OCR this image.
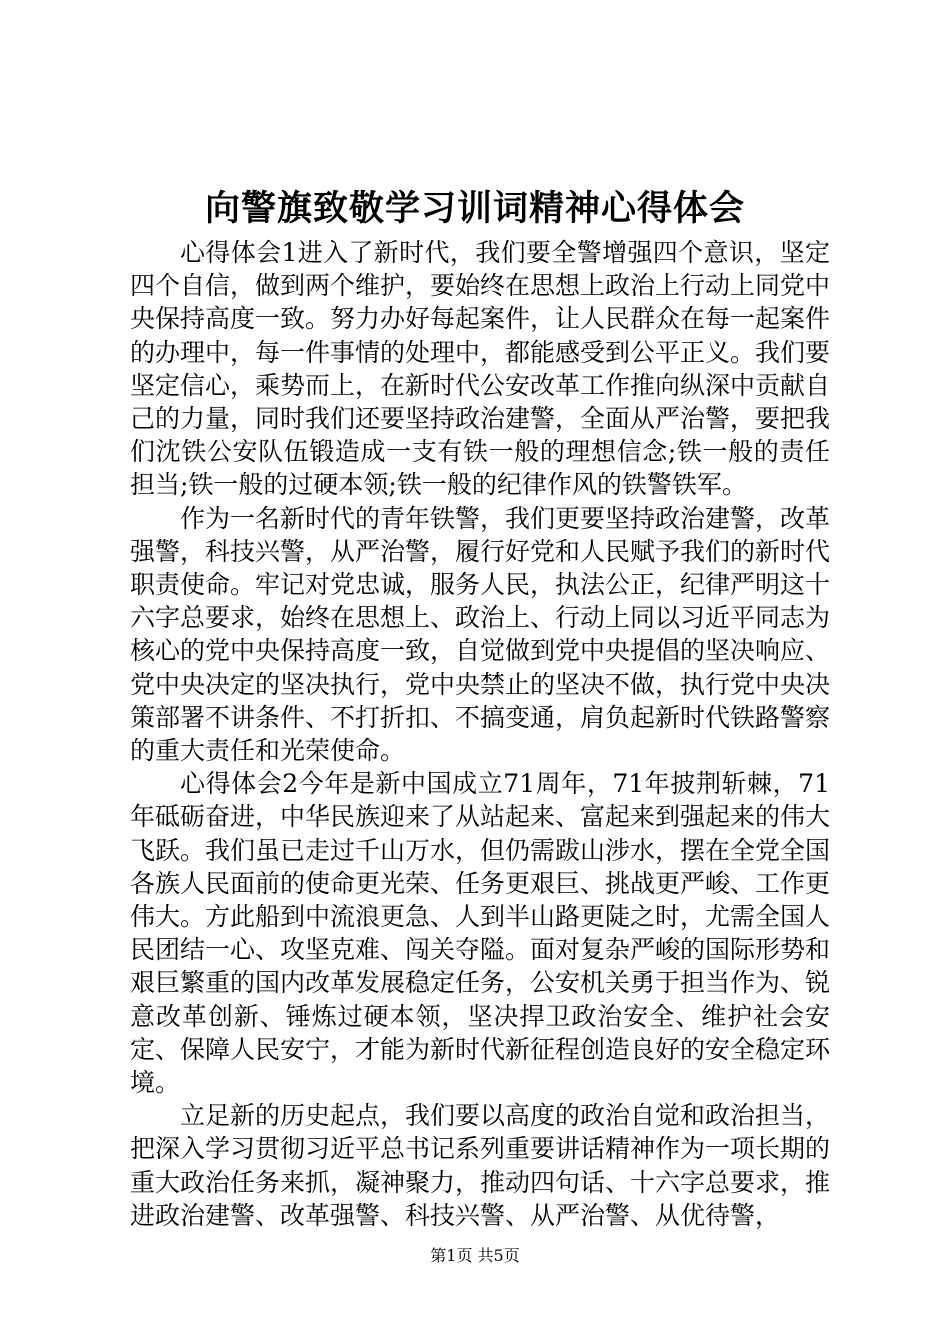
向警旗致敬学习训词精神心得体会

心得体会1进入了新时代，我们要全警增强四个意识，坚定四个自信，做到两个维护，要始终在思想上政治上行动上同党中央保持高度一致。努力办好每起案件，让人民群众在每一起案件的办理中，每一件事情的处理中，都能感受到公平正义。我们要坚定信心，乘势而上，在新时代公安改革工作推向纵深中贡献自己的力量，同时我们还要坚持政治建警，全面从严治警，要把我们沈铁公安队伍锻造成一支有铁一般的理想信念;铁一般的责任担当;铁一般的过硬本领;铁一般的纪律作风的铁警铁军。

作为一名新时代的青年铁警，我们更要坚持政治建警，改革强警，科技兴警，从严治警，履行好党和人民赋予我们的新时代职责使命。牢记对党忠诚，服务人民，执法公正，纪律严明这十六字总要求，始终在思想上、政治上、行动上同以习近平同志为核心的党中央保持高度一致，自觉做到党中央提倡的坚决响应、党中央决定的坚决执行，党中央禁止的坚决不做，执行党中央决策部署不讲条件、不打折扣、不搞变通，肩负起新时代铁路警察的重大责任和光荣使命。

心得体会2今年是新中国成立71周年，71年披荆斩棘，71年砥砺奋进，中华民族迎来了从站起来、富起来到强起来的伟大飞跃。我们虽已走过千山万水，但仍需跋山涉水，摆在全党全国各族人民面前的使命更光荣、任务更艰巨、挑战更严峻、工作更伟大。方此船到中流浪更急、人到半山路更陡之时，尤需全国人民团结一心、攻坚克难、闯关夺隘。面对复杂严峻的国际形势和艰巨繁重的国内改革发展稳定任务，公安机关勇于担当作为、锐意改革创新、锤炼过硬本领，坚决捍卫政治安全、维护社会安定、保障人民安宁，才能为新时代新征程创造良好的安全稳定环境。

立足新的历史起点，我们要以高度的政治自觉和政治担当，把深入学习贯彻习近平总书记系列重要讲话精神作为一项长期的重大政治任务来抓，凝神聚力，推动四句话、十六字总要求，推进政治建警、改革强警、科技兴警、从严治警、从优待警，

第1页 共5页
